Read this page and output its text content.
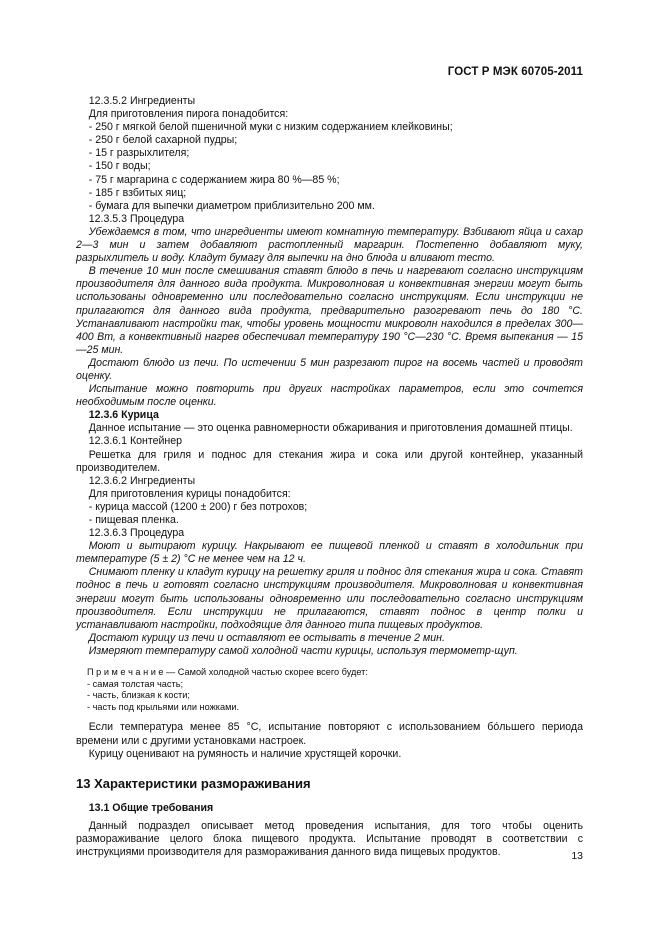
ГОСТ Р МЭК 60705-2011

12.3.5.2 Ингредиенты

Для приготовления пирога понадобится:

- 250 г мягкой белой пшеничной муки с низким содержанием клейковины;

- 250 г белой сахарной пудры;

- 15 г разрыхлителя;

- 150 г воды;

- 75 г маргарина с содержанием жира 80 %—85 %;

- 185 г взбитых яиц;

- бумага для выпечки диаметром приблизительно 200 мм.

12.3.5.3 Процедура

Убеждаемся в том, что ингредиенты имеют комнатную температуру. Взбивают яйца и сахар 2—3 мин и затем добавляют растопленный маргарин. Постепенно добавляют муку, разрыхлитель и воду. Кладут бумагу для выпечки на дно блюда и вливают тесто.

В течение 10 мин после смешивания ставят блюдо в печь и нагревают согласно инструкциям производителя для данного вида продукта. Микроволновая и конвективная энергии могут быть использованы одновременно или последовательно согласно инструкциям. Если инструкции не прилагаются для данного вида продукта, предварительно разогревают печь до 180 °C. Устанавливают настройки так, чтобы уровень мощности микроволн находился в пределах 300—400 Вт, а конвективный нагрев обеспечивал температуру 190 °C—230 °C. Время выпекания — 15—25 мин.

Достают блюдо из печи. По истечении 5 мин разрезают пирог на восемь частей и проводят оценку.

Испытание можно повторить при других настройках параметров, если это сочтется необходимым после оценки.

12.3.6 Курица

Данное испытание — это оценка равномерности обжаривания и приготовления домашней птицы.

12.3.6.1 Контейнер

Решетка для гриля и поднос для стекания жира и сока или другой контейнер, указанный производителем.

12.3.6.2 Ингредиенты

Для приготовления курицы понадобится:

- курица массой (1200 ± 200) г без потрохов;

- пищевая пленка.

12.3.6.3 Процедура

Моют и вытирают курицу. Накрывают ее пищевой пленкой и ставят в холодильник при температуре (5 ± 2) °C не менее чем на 12 ч.

Снимают пленку и кладут курицу на решетку гриля и поднос для стекания жира и сока. Ставят поднос в печь и готовят согласно инструкциям производителя. Микроволновая и конвективная энергии могут быть использованы одновременно или последовательно согласно инструкциям производителя. Если инструкции не прилагаются, ставят поднос в центр полки и устанавливают настройки, подходящие для данного типа пищевых продуктов.

Достают курицу из печи и оставляют ее остывать в течение 2 мин.

Измеряют температуру самой холодной части курицы, используя термометр-щуп.

П р и м е ч а н и е — Самой холодной частью скорее всего будет:

- самая толстая часть;

- часть, близкая к кости;

- часть под крыльями или ножками.

Если температура менее 85 °C, испытание повторяют с использованием бóльшего периода времени или с другими установками настроек.

Курицу оценивают на румяность и наличие хрустящей корочки.

13 Характеристики размораживания
13.1 Общие требования

Данный подраздел описывает метод проведения испытания, для того чтобы оценить размораживание целого блока пищевого продукта. Испытание проводят в соответствии с инструкциями производителя для размораживания данного вида пищевых продуктов.	13
